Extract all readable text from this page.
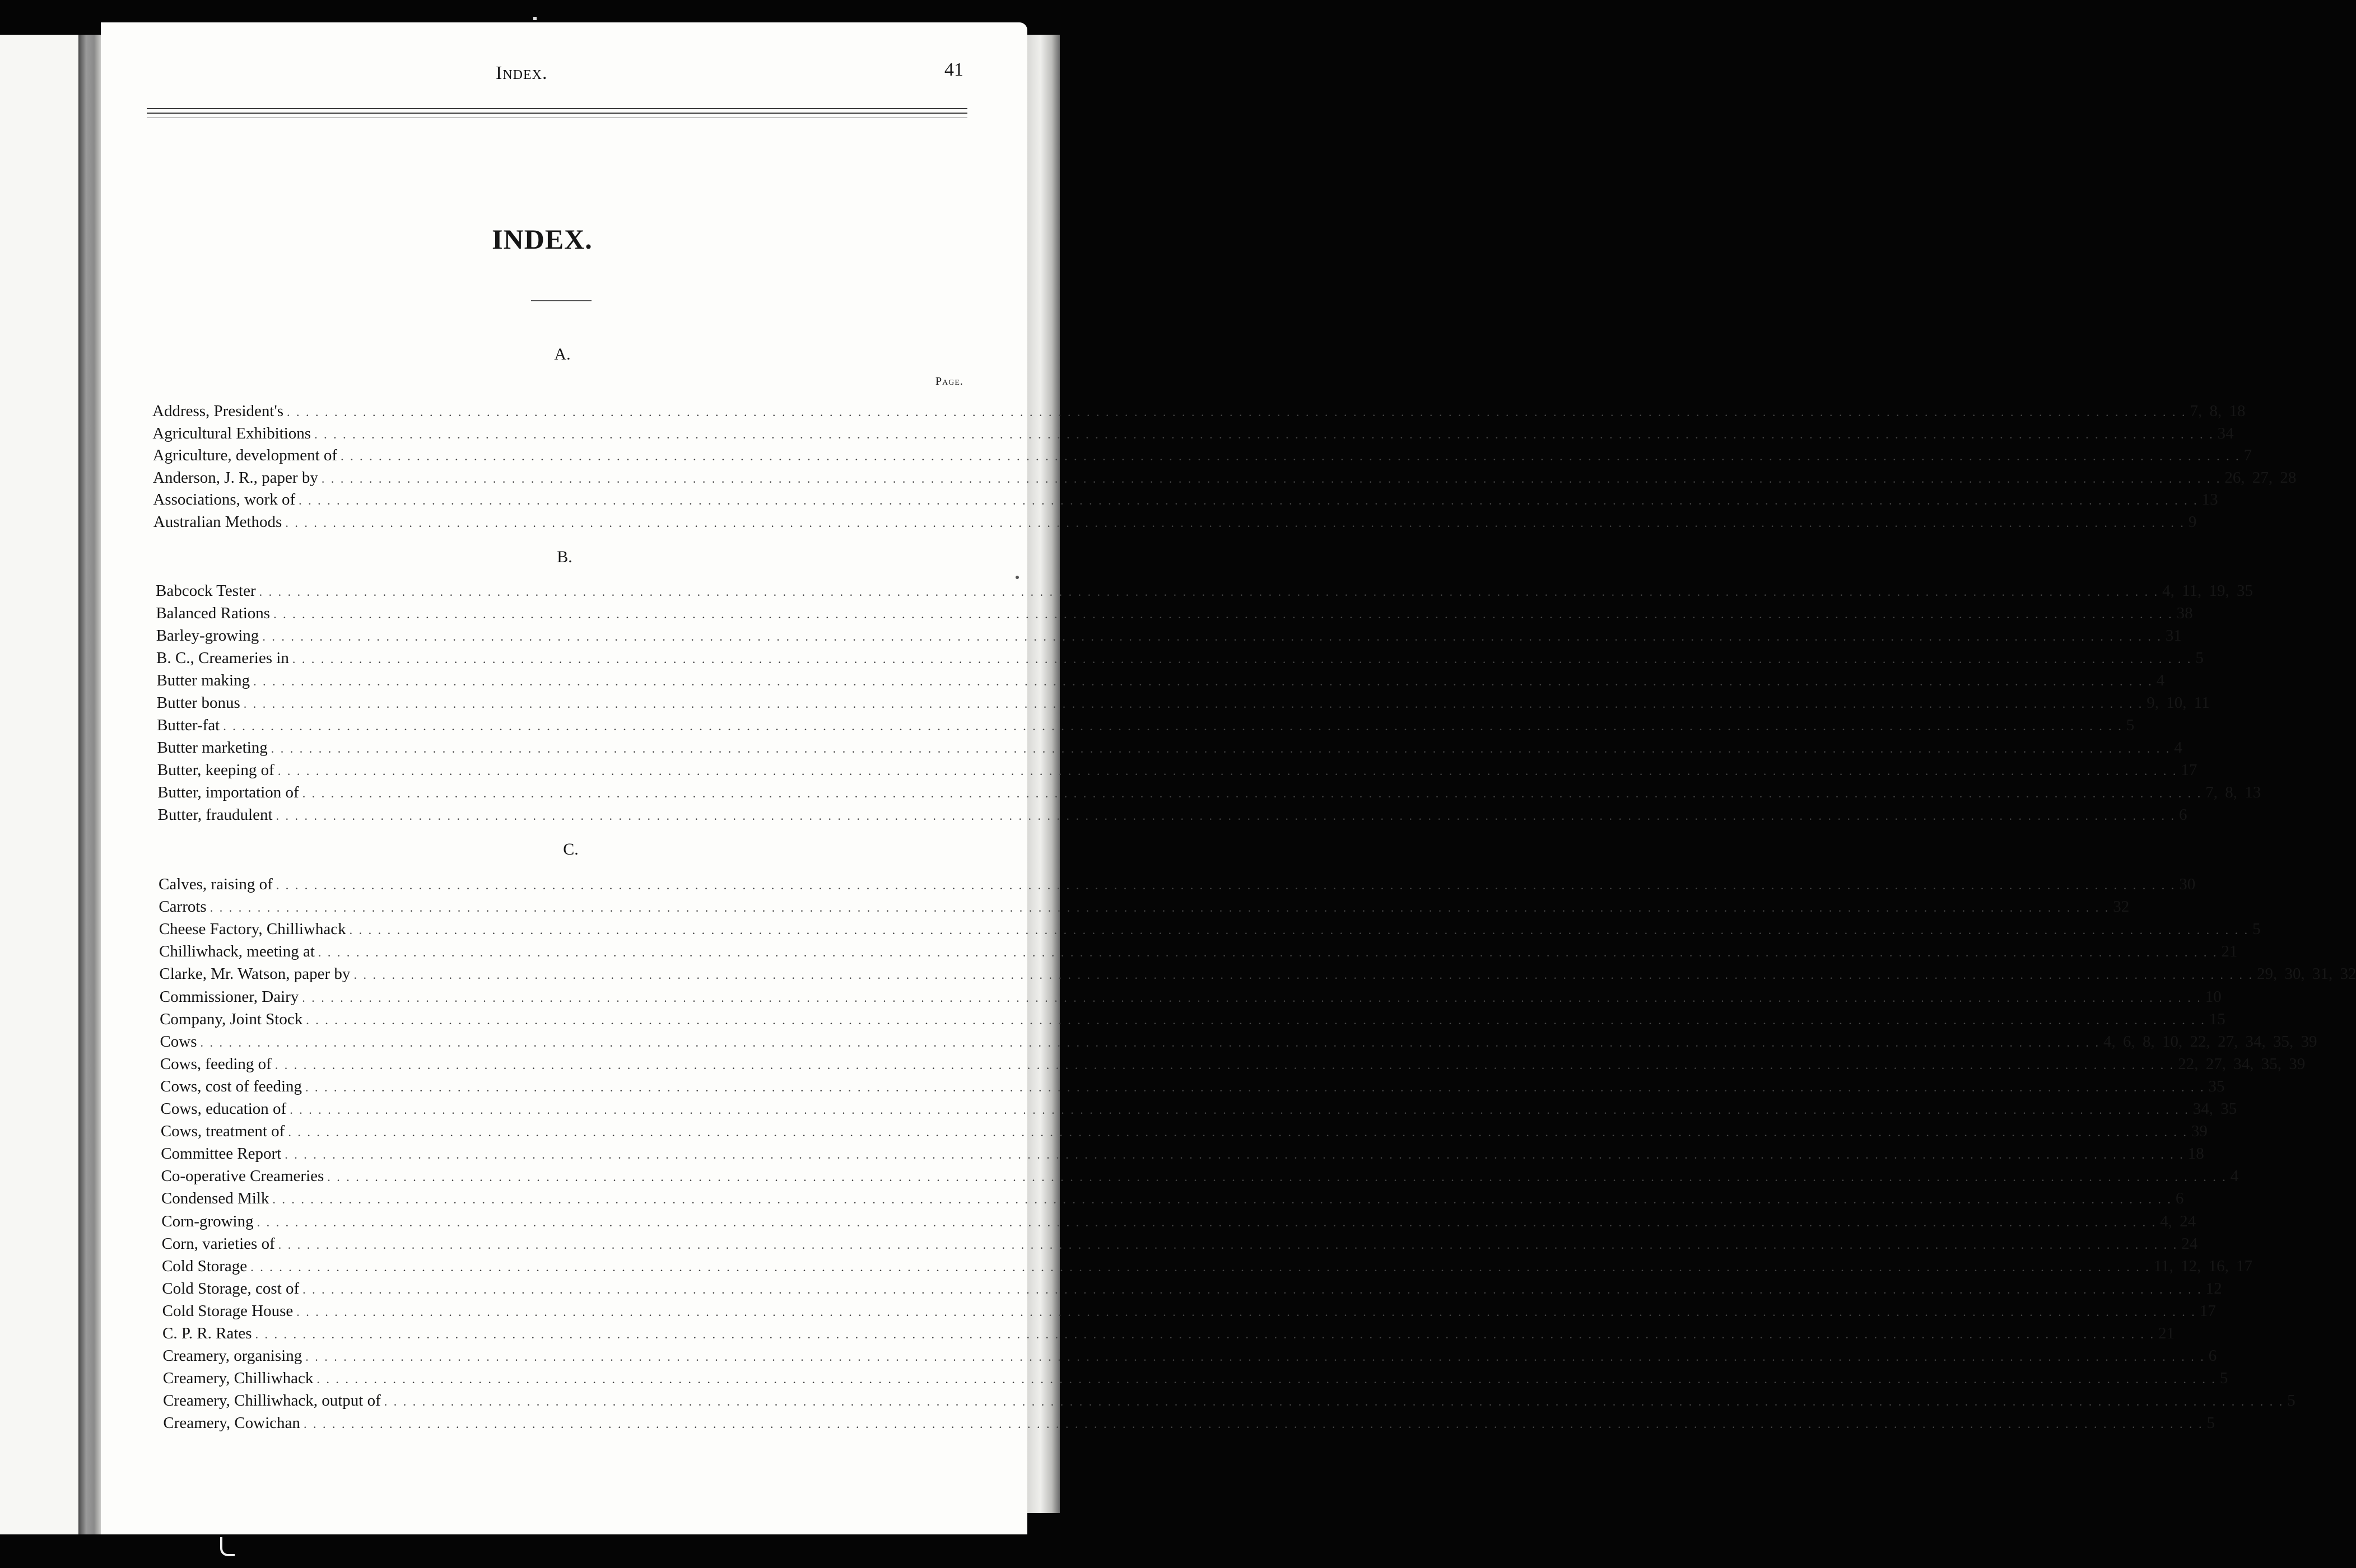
Index.	41
INDEX.
A.
Page.
B.
C.
Address, President's . . . . . . . . . . . . . . . . . . . . . . . . . . . . . . . . . . . . . . . . . . . . . . . . . . . . . . . . . . . . . . . . . . . . . . . . . . . . . . . . . . . . . . . . . . . . . . . . . . . . . . . . . . . . . . . . . . . . . . . . . . . . . . . . . . . . . . . . . . . . . . . . . . . . . . . . . . . . . . . . . . . . . . . . . . . . . . . . . . . . . . . . . . . . . . . . . . . . . . . . 7, 8, 18
Agricultural Exhibitions . . . . . . . . . . . . . . . . . . . . . . . . . . . . . . . . . . . . . . . . . . . . . . . . . . . . . . . . . . . . . . . . . . . . . . . . . . . . . . . . . . . . . . . . . . . . . . . . . . . . . . . . . . . . . . . . . . . . . . . . . . . . . . . . . . . . . . . . . . . . . . . . . . . . . . . . . . . . . . . . . . . . . . . . . . . . . . . . . . . . . . . . . . . . . . . . . . . . . . . . 34
Agriculture, development of . . . . . . . . . . . . . . . . . . . . . . . . . . . . . . . . . . . . . . . . . . . . . . . . . . . . . . . . . . . . . . . . . . . . . . . . . . . . . . . . . . . . . . . . . . . . . . . . . . . . . . . . . . . . . . . . . . . . . . . . . . . . . . . . . . . . . . . . . . . . . . . . . . . . . . . . . . . . . . . . . . . . . . . . . . . . . . . . . . . . . . . . . . . . . . . . . . . . . . . . 7
Anderson, J. R., paper by . . . . . . . . . . . . . . . . . . . . . . . . . . . . . . . . . . . . . . . . . . . . . . . . . . . . . . . . . . . . . . . . . . . . . . . . . . . . . . . . . . . . . . . . . . . . . . . . . . . . . . . . . . . . . . . . . . . . . . . . . . . . . . . . . . . . . . . . . . . . . . . . . . . . . . . . . . . . . . . . . . . . . . . . . . . . . . . . . . . . . . . . . . . . . . . . . . . . . . . . 26, 27, 28
Associations, work of . . . . . . . . . . . . . . . . . . . . . . . . . . . . . . . . . . . . . . . . . . . . . . . . . . . . . . . . . . . . . . . . . . . . . . . . . . . . . . . . . . . . . . . . . . . . . . . . . . . . . . . . . . . . . . . . . . . . . . . . . . . . . . . . . . . . . . . . . . . . . . . . . . . . . . . . . . . . . . . . . . . . . . . . . . . . . . . . . . . . . . . . . . . . . . . . . . . . . . . . 13
Australian Methods . . . . . . . . . . . . . . . . . . . . . . . . . . . . . . . . . . . . . . . . . . . . . . . . . . . . . . . . . . . . . . . . . . . . . . . . . . . . . . . . . . . . . . . . . . . . . . . . . . . . . . . . . . . . . . . . . . . . . . . . . . . . . . . . . . . . . . . . . . . . . . . . . . . . . . . . . . . . . . . . . . . . . . . . . . . . . . . . . . . . . . . . . . . . . . . . . . . . . . . . 9
Babcock Tester . . . . . . . . . . . . . . . . . . . . . . . . . . . . . . . . . . . . . . . . . . . . . . . . . . . . . . . . . . . . . . . . . . . . . . . . . . . . . . . . . . . . . . . . . . . . . . . . . . . . . . . . . . . . . . . . . . . . . . . . . . . . . . . . . . . . . . . . . . . . . . . . . . . . . . . . . . . . . . . . . . . . . . . . . . . . . . . . . . . . . . . . . . . . . . . . . . . . . . . . 4, 11, 19, 35
Balanced Rations . . . . . . . . . . . . . . . . . . . . . . . . . . . . . . . . . . . . . . . . . . . . . . . . . . . . . . . . . . . . . . . . . . . . . . . . . . . . . . . . . . . . . . . . . . . . . . . . . . . . . . . . . . . . . . . . . . . . . . . . . . . . . . . . . . . . . . . . . . . . . . . . . . . . . . . . . . . . . . . . . . . . . . . . . . . . . . . . . . . . . . . . . . . . . . . . . . . . . . . . 38
Barley-growing . . . . . . . . . . . . . . . . . . . . . . . . . . . . . . . . . . . . . . . . . . . . . . . . . . . . . . . . . . . . . . . . . . . . . . . . . . . . . . . . . . . . . . . . . . . . . . . . . . . . . . . . . . . . . . . . . . . . . . . . . . . . . . . . . . . . . . . . . . . . . . . . . . . . . . . . . . . . . . . . . . . . . . . . . . . . . . . . . . . . . . . . . . . . . . . . . . . . . . . . 31
B. C., Creameries in . . . . . . . . . . . . . . . . . . . . . . . . . . . . . . . . . . . . . . . . . . . . . . . . . . . . . . . . . . . . . . . . . . . . . . . . . . . . . . . . . . . . . . . . . . . . . . . . . . . . . . . . . . . . . . . . . . . . . . . . . . . . . . . . . . . . . . . . . . . . . . . . . . . . . . . . . . . . . . . . . . . . . . . . . . . . . . . . . . . . . . . . . . . . . . . . . . . . . . . . 5
Butter making . . . . . . . . . . . . . . . . . . . . . . . . . . . . . . . . . . . . . . . . . . . . . . . . . . . . . . . . . . . . . . . . . . . . . . . . . . . . . . . . . . . . . . . . . . . . . . . . . . . . . . . . . . . . . . . . . . . . . . . . . . . . . . . . . . . . . . . . . . . . . . . . . . . . . . . . . . . . . . . . . . . . . . . . . . . . . . . . . . . . . . . . . . . . . . . . . . . . . . . . 4
Butter bonus . . . . . . . . . . . . . . . . . . . . . . . . . . . . . . . . . . . . . . . . . . . . . . . . . . . . . . . . . . . . . . . . . . . . . . . . . . . . . . . . . . . . . . . . . . . . . . . . . . . . . . . . . . . . . . . . . . . . . . . . . . . . . . . . . . . . . . . . . . . . . . . . . . . . . . . . . . . . . . . . . . . . . . . . . . . . . . . . . . . . . . . . . . . . . . . . . . . . . . . . 9, 10, 11
Butter-fat . . . . . . . . . . . . . . . . . . . . . . . . . . . . . . . . . . . . . . . . . . . . . . . . . . . . . . . . . . . . . . . . . . . . . . . . . . . . . . . . . . . . . . . . . . . . . . . . . . . . . . . . . . . . . . . . . . . . . . . . . . . . . . . . . . . . . . . . . . . . . . . . . . . . . . . . . . . . . . . . . . . . . . . . . . . . . . . . . . . . . . . . . . . . . . . . . . . . . . . . 5
Butter marketing . . . . . . . . . . . . . . . . . . . . . . . . . . . . . . . . . . . . . . . . . . . . . . . . . . . . . . . . . . . . . . . . . . . . . . . . . . . . . . . . . . . . . . . . . . . . . . . . . . . . . . . . . . . . . . . . . . . . . . . . . . . . . . . . . . . . . . . . . . . . . . . . . . . . . . . . . . . . . . . . . . . . . . . . . . . . . . . . . . . . . . . . . . . . . . . . . . . . . . . . 4
Butter, keeping of . . . . . . . . . . . . . . . . . . . . . . . . . . . . . . . . . . . . . . . . . . . . . . . . . . . . . . . . . . . . . . . . . . . . . . . . . . . . . . . . . . . . . . . . . . . . . . . . . . . . . . . . . . . . . . . . . . . . . . . . . . . . . . . . . . . . . . . . . . . . . . . . . . . . . . . . . . . . . . . . . . . . . . . . . . . . . . . . . . . . . . . . . . . . . . . . . . . . . . . . 17
Butter, importation of . . . . . . . . . . . . . . . . . . . . . . . . . . . . . . . . . . . . . . . . . . . . . . . . . . . . . . . . . . . . . . . . . . . . . . . . . . . . . . . . . . . . . . . . . . . . . . . . . . . . . . . . . . . . . . . . . . . . . . . . . . . . . . . . . . . . . . . . . . . . . . . . . . . . . . . . . . . . . . . . . . . . . . . . . . . . . . . . . . . . . . . . . . . . . . . . . . . . . . . . 7, 8, 13
Butter, fraudulent . . . . . . . . . . . . . . . . . . . . . . . . . . . . . . . . . . . . . . . . . . . . . . . . . . . . . . . . . . . . . . . . . . . . . . . . . . . . . . . . . . . . . . . . . . . . . . . . . . . . . . . . . . . . . . . . . . . . . . . . . . . . . . . . . . . . . . . . . . . . . . . . . . . . . . . . . . . . . . . . . . . . . . . . . . . . . . . . . . . . . . . . . . . . . . . . . . . . . . . . 6
Calves, raising of . . . . . . . . . . . . . . . . . . . . . . . . . . . . . . . . . . . . . . . . . . . . . . . . . . . . . . . . . . . . . . . . . . . . . . . . . . . . . . . . . . . . . . . . . . . . . . . . . . . . . . . . . . . . . . . . . . . . . . . . . . . . . . . . . . . . . . . . . . . . . . . . . . . . . . . . . . . . . . . . . . . . . . . . . . . . . . . . . . . . . . . . . . . . . . . . . . . . . . . . 30
Carrots . . . . . . . . . . . . . . . . . . . . . . . . . . . . . . . . . . . . . . . . . . . . . . . . . . . . . . . . . . . . . . . . . . . . . . . . . . . . . . . . . . . . . . . . . . . . . . . . . . . . . . . . . . . . . . . . . . . . . . . . . . . . . . . . . . . . . . . . . . . . . . . . . . . . . . . . . . . . . . . . . . . . . . . . . . . . . . . . . . . . . . . . . . . . . . . . . . . . . . . . 32
Cheese Factory, Chilliwhack . . . . . . . . . . . . . . . . . . . . . . . . . . . . . . . . . . . . . . . . . . . . . . . . . . . . . . . . . . . . . . . . . . . . . . . . . . . . . . . . . . . . . . . . . . . . . . . . . . . . . . . . . . . . . . . . . . . . . . . . . . . . . . . . . . . . . . . . . . . . . . . . . . . . . . . . . . . . . . . . . . . . . . . . . . . . . . . . . . . . . . . . . . . . . . . . . . . . . . . . 5
Chilliwhack, meeting at . . . . . . . . . . . . . . . . . . . . . . . . . . . . . . . . . . . . . . . . . . . . . . . . . . . . . . . . . . . . . . . . . . . . . . . . . . . . . . . . . . . . . . . . . . . . . . . . . . . . . . . . . . . . . . . . . . . . . . . . . . . . . . . . . . . . . . . . . . . . . . . . . . . . . . . . . . . . . . . . . . . . . . . . . . . . . . . . . . . . . . . . . . . . . . . . . . . . . . . . 21
Clarke, Mr. Watson, paper by . . . . . . . . . . . . . . . . . . . . . . . . . . . . . . . . . . . . . . . . . . . . . . . . . . . . . . . . . . . . . . . . . . . . . . . . . . . . . . . . . . . . . . . . . . . . . . . . . . . . . . . . . . . . . . . . . . . . . . . . . . . . . . . . . . . . . . . . . . . . . . . . . . . . . . . . . . . . . . . . . . . . . . . . . . . . . . . . . . . . . . . . . . . . . . . . . . . . . . . . 29, 30, 31, 32
Commissioner, Dairy . . . . . . . . . . . . . . . . . . . . . . . . . . . . . . . . . . . . . . . . . . . . . . . . . . . . . . . . . . . . . . . . . . . . . . . . . . . . . . . . . . . . . . . . . . . . . . . . . . . . . . . . . . . . . . . . . . . . . . . . . . . . . . . . . . . . . . . . . . . . . . . . . . . . . . . . . . . . . . . . . . . . . . . . . . . . . . . . . . . . . . . . . . . . . . . . . . . . . . . . 10
Company, Joint Stock . . . . . . . . . . . . . . . . . . . . . . . . . . . . . . . . . . . . . . . . . . . . . . . . . . . . . . . . . . . . . . . . . . . . . . . . . . . . . . . . . . . . . . . . . . . . . . . . . . . . . . . . . . . . . . . . . . . . . . . . . . . . . . . . . . . . . . . . . . . . . . . . . . . . . . . . . . . . . . . . . . . . . . . . . . . . . . . . . . . . . . . . . . . . . . . . . . . . . . . . 15
Cows . . . . . . . . . . . . . . . . . . . . . . . . . . . . . . . . . . . . . . . . . . . . . . . . . . . . . . . . . . . . . . . . . . . . . . . . . . . . . . . . . . . . . . . . . . . . . . . . . . . . . . . . . . . . . . . . . . . . . . . . . . . . . . . . . . . . . . . . . . . . . . . . . . . . . . . . . . . . . . . . . . . . . . . . . . . . . . . . . . . . . . . . . . . . . . . . . . . . . . . . 4, 6, 8, 10, 22, 27, 34, 35, 39
Cows, feeding of . . . . . . . . . . . . . . . . . . . . . . . . . . . . . . . . . . . . . . . . . . . . . . . . . . . . . . . . . . . . . . . . . . . . . . . . . . . . . . . . . . . . . . . . . . . . . . . . . . . . . . . . . . . . . . . . . . . . . . . . . . . . . . . . . . . . . . . . . . . . . . . . . . . . . . . . . . . . . . . . . . . . . . . . . . . . . . . . . . . . . . . . . . . . . . . . . . . . . . . . 22, 27, 34, 35, 39
Cows, cost of feeding . . . . . . . . . . . . . . . . . . . . . . . . . . . . . . . . . . . . . . . . . . . . . . . . . . . . . . . . . . . . . . . . . . . . . . . . . . . . . . . . . . . . . . . . . . . . . . . . . . . . . . . . . . . . . . . . . . . . . . . . . . . . . . . . . . . . . . . . . . . . . . . . . . . . . . . . . . . . . . . . . . . . . . . . . . . . . . . . . . . . . . . . . . . . . . . . . . . . . . . . 35
Cows, education of . . . . . . . . . . . . . . . . . . . . . . . . . . . . . . . . . . . . . . . . . . . . . . . . . . . . . . . . . . . . . . . . . . . . . . . . . . . . . . . . . . . . . . . . . . . . . . . . . . . . . . . . . . . . . . . . . . . . . . . . . . . . . . . . . . . . . . . . . . . . . . . . . . . . . . . . . . . . . . . . . . . . . . . . . . . . . . . . . . . . . . . . . . . . . . . . . . . . . . . . 34, 35
Cows, treatment of . . . . . . . . . . . . . . . . . . . . . . . . . . . . . . . . . . . . . . . . . . . . . . . . . . . . . . . . . . . . . . . . . . . . . . . . . . . . . . . . . . . . . . . . . . . . . . . . . . . . . . . . . . . . . . . . . . . . . . . . . . . . . . . . . . . . . . . . . . . . . . . . . . . . . . . . . . . . . . . . . . . . . . . . . . . . . . . . . . . . . . . . . . . . . . . . . . . . . . . . 39
Committee Report . . . . . . . . . . . . . . . . . . . . . . . . . . . . . . . . . . . . . . . . . . . . . . . . . . . . . . . . . . . . . . . . . . . . . . . . . . . . . . . . . . . . . . . . . . . . . . . . . . . . . . . . . . . . . . . . . . . . . . . . . . . . . . . . . . . . . . . . . . . . . . . . . . . . . . . . . . . . . . . . . . . . . . . . . . . . . . . . . . . . . . . . . . . . . . . . . . . . . . . . 18
Co-operative Creameries . . . . . . . . . . . . . . . . . . . . . . . . . . . . . . . . . . . . . . . . . . . . . . . . . . . . . . . . . . . . . . . . . . . . . . . . . . . . . . . . . . . . . . . . . . . . . . . . . . . . . . . . . . . . . . . . . . . . . . . . . . . . . . . . . . . . . . . . . . . . . . . . . . . . . . . . . . . . . . . . . . . . . . . . . . . . . . . . . . . . . . . . . . . . . . . . . . . . . . . . 4
Condensed Milk . . . . . . . . . . . . . . . . . . . . . . . . . . . . . . . . . . . . . . . . . . . . . . . . . . . . . . . . . . . . . . . . . . . . . . . . . . . . . . . . . . . . . . . . . . . . . . . . . . . . . . . . . . . . . . . . . . . . . . . . . . . . . . . . . . . . . . . . . . . . . . . . . . . . . . . . . . . . . . . . . . . . . . . . . . . . . . . . . . . . . . . . . . . . . . . . . . . . . . . . 6
Corn-growing . . . . . . . . . . . . . . . . . . . . . . . . . . . . . . . . . . . . . . . . . . . . . . . . . . . . . . . . . . . . . . . . . . . . . . . . . . . . . . . . . . . . . . . . . . . . . . . . . . . . . . . . . . . . . . . . . . . . . . . . . . . . . . . . . . . . . . . . . . . . . . . . . . . . . . . . . . . . . . . . . . . . . . . . . . . . . . . . . . . . . . . . . . . . . . . . . . . . . . . . 4, 24
Corn, varieties of . . . . . . . . . . . . . . . . . . . . . . . . . . . . . . . . . . . . . . . . . . . . . . . . . . . . . . . . . . . . . . . . . . . . . . . . . . . . . . . . . . . . . . . . . . . . . . . . . . . . . . . . . . . . . . . . . . . . . . . . . . . . . . . . . . . . . . . . . . . . . . . . . . . . . . . . . . . . . . . . . . . . . . . . . . . . . . . . . . . . . . . . . . . . . . . . . . . . . . . . 24
Cold Storage . . . . . . . . . . . . . . . . . . . . . . . . . . . . . . . . . . . . . . . . . . . . . . . . . . . . . . . . . . . . . . . . . . . . . . . . . . . . . . . . . . . . . . . . . . . . . . . . . . . . . . . . . . . . . . . . . . . . . . . . . . . . . . . . . . . . . . . . . . . . . . . . . . . . . . . . . . . . . . . . . . . . . . . . . . . . . . . . . . . . . . . . . . . . . . . . . . . . . . . . 11, 12, 16, 17
Cold Storage, cost of . . . . . . . . . . . . . . . . . . . . . . . . . . . . . . . . . . . . . . . . . . . . . . . . . . . . . . . . . . . . . . . . . . . . . . . . . . . . . . . . . . . . . . . . . . . . . . . . . . . . . . . . . . . . . . . . . . . . . . . . . . . . . . . . . . . . . . . . . . . . . . . . . . . . . . . . . . . . . . . . . . . . . . . . . . . . . . . . . . . . . . . . . . . . . . . . . . . . . . . . 12
Cold Storage House . . . . . . . . . . . . . . . . . . . . . . . . . . . . . . . . . . . . . . . . . . . . . . . . . . . . . . . . . . . . . . . . . . . . . . . . . . . . . . . . . . . . . . . . . . . . . . . . . . . . . . . . . . . . . . . . . . . . . . . . . . . . . . . . . . . . . . . . . . . . . . . . . . . . . . . . . . . . . . . . . . . . . . . . . . . . . . . . . . . . . . . . . . . . . . . . . . . . . . . . 17
C. P. R. Rates . . . . . . . . . . . . . . . . . . . . . . . . . . . . . . . . . . . . . . . . . . . . . . . . . . . . . . . . . . . . . . . . . . . . . . . . . . . . . . . . . . . . . . . . . . . . . . . . . . . . . . . . . . . . . . . . . . . . . . . . . . . . . . . . . . . . . . . . . . . . . . . . . . . . . . . . . . . . . . . . . . . . . . . . . . . . . . . . . . . . . . . . . . . . . . . . . . . . . . . . 21
Creamery, organising . . . . . . . . . . . . . . . . . . . . . . . . . . . . . . . . . . . . . . . . . . . . . . . . . . . . . . . . . . . . . . . . . . . . . . . . . . . . . . . . . . . . . . . . . . . . . . . . . . . . . . . . . . . . . . . . . . . . . . . . . . . . . . . . . . . . . . . . . . . . . . . . . . . . . . . . . . . . . . . . . . . . . . . . . . . . . . . . . . . . . . . . . . . . . . . . . . . . . . . . 6
Creamery, Chilliwhack . . . . . . . . . . . . . . . . . . . . . . . . . . . . . . . . . . . . . . . . . . . . . . . . . . . . . . . . . . . . . . . . . . . . . . . . . . . . . . . . . . . . . . . . . . . . . . . . . . . . . . . . . . . . . . . . . . . . . . . . . . . . . . . . . . . . . . . . . . . . . . . . . . . . . . . . . . . . . . . . . . . . . . . . . . . . . . . . . . . . . . . . . . . . . . . . . . . . . . . . 5
Creamery, Chilliwhack, output of . . . . . . . . . . . . . . . . . . . . . . . . . . . . . . . . . . . . . . . . . . . . . . . . . . . . . . . . . . . . . . . . . . . . . . . . . . . . . . . . . . . . . . . . . . . . . . . . . . . . . . . . . . . . . . . . . . . . . . . . . . . . . . . . . . . . . . . . . . . . . . . . . . . . . . . . . . . . . . . . . . . . . . . . . . . . . . . . . . . . . . . . . . . . . . . . . . . . . . . . 5
Creamery, Cowichan . . . . . . . . . . . . . . . . . . . . . . . . . . . . . . . . . . . . . . . . . . . . . . . . . . . . . . . . . . . . . . . . . . . . . . . . . . . . . . . . . . . . . . . . . . . . . . . . . . . . . . . . . . . . . . . . . . . . . . . . . . . . . . . . . . . . . . . . . . . . . . . . . . . . . . . . . . . . . . . . . . . . . . . . . . . . . . . . . . . . . . . . . . . . . . . . . . . . . . . . 5
